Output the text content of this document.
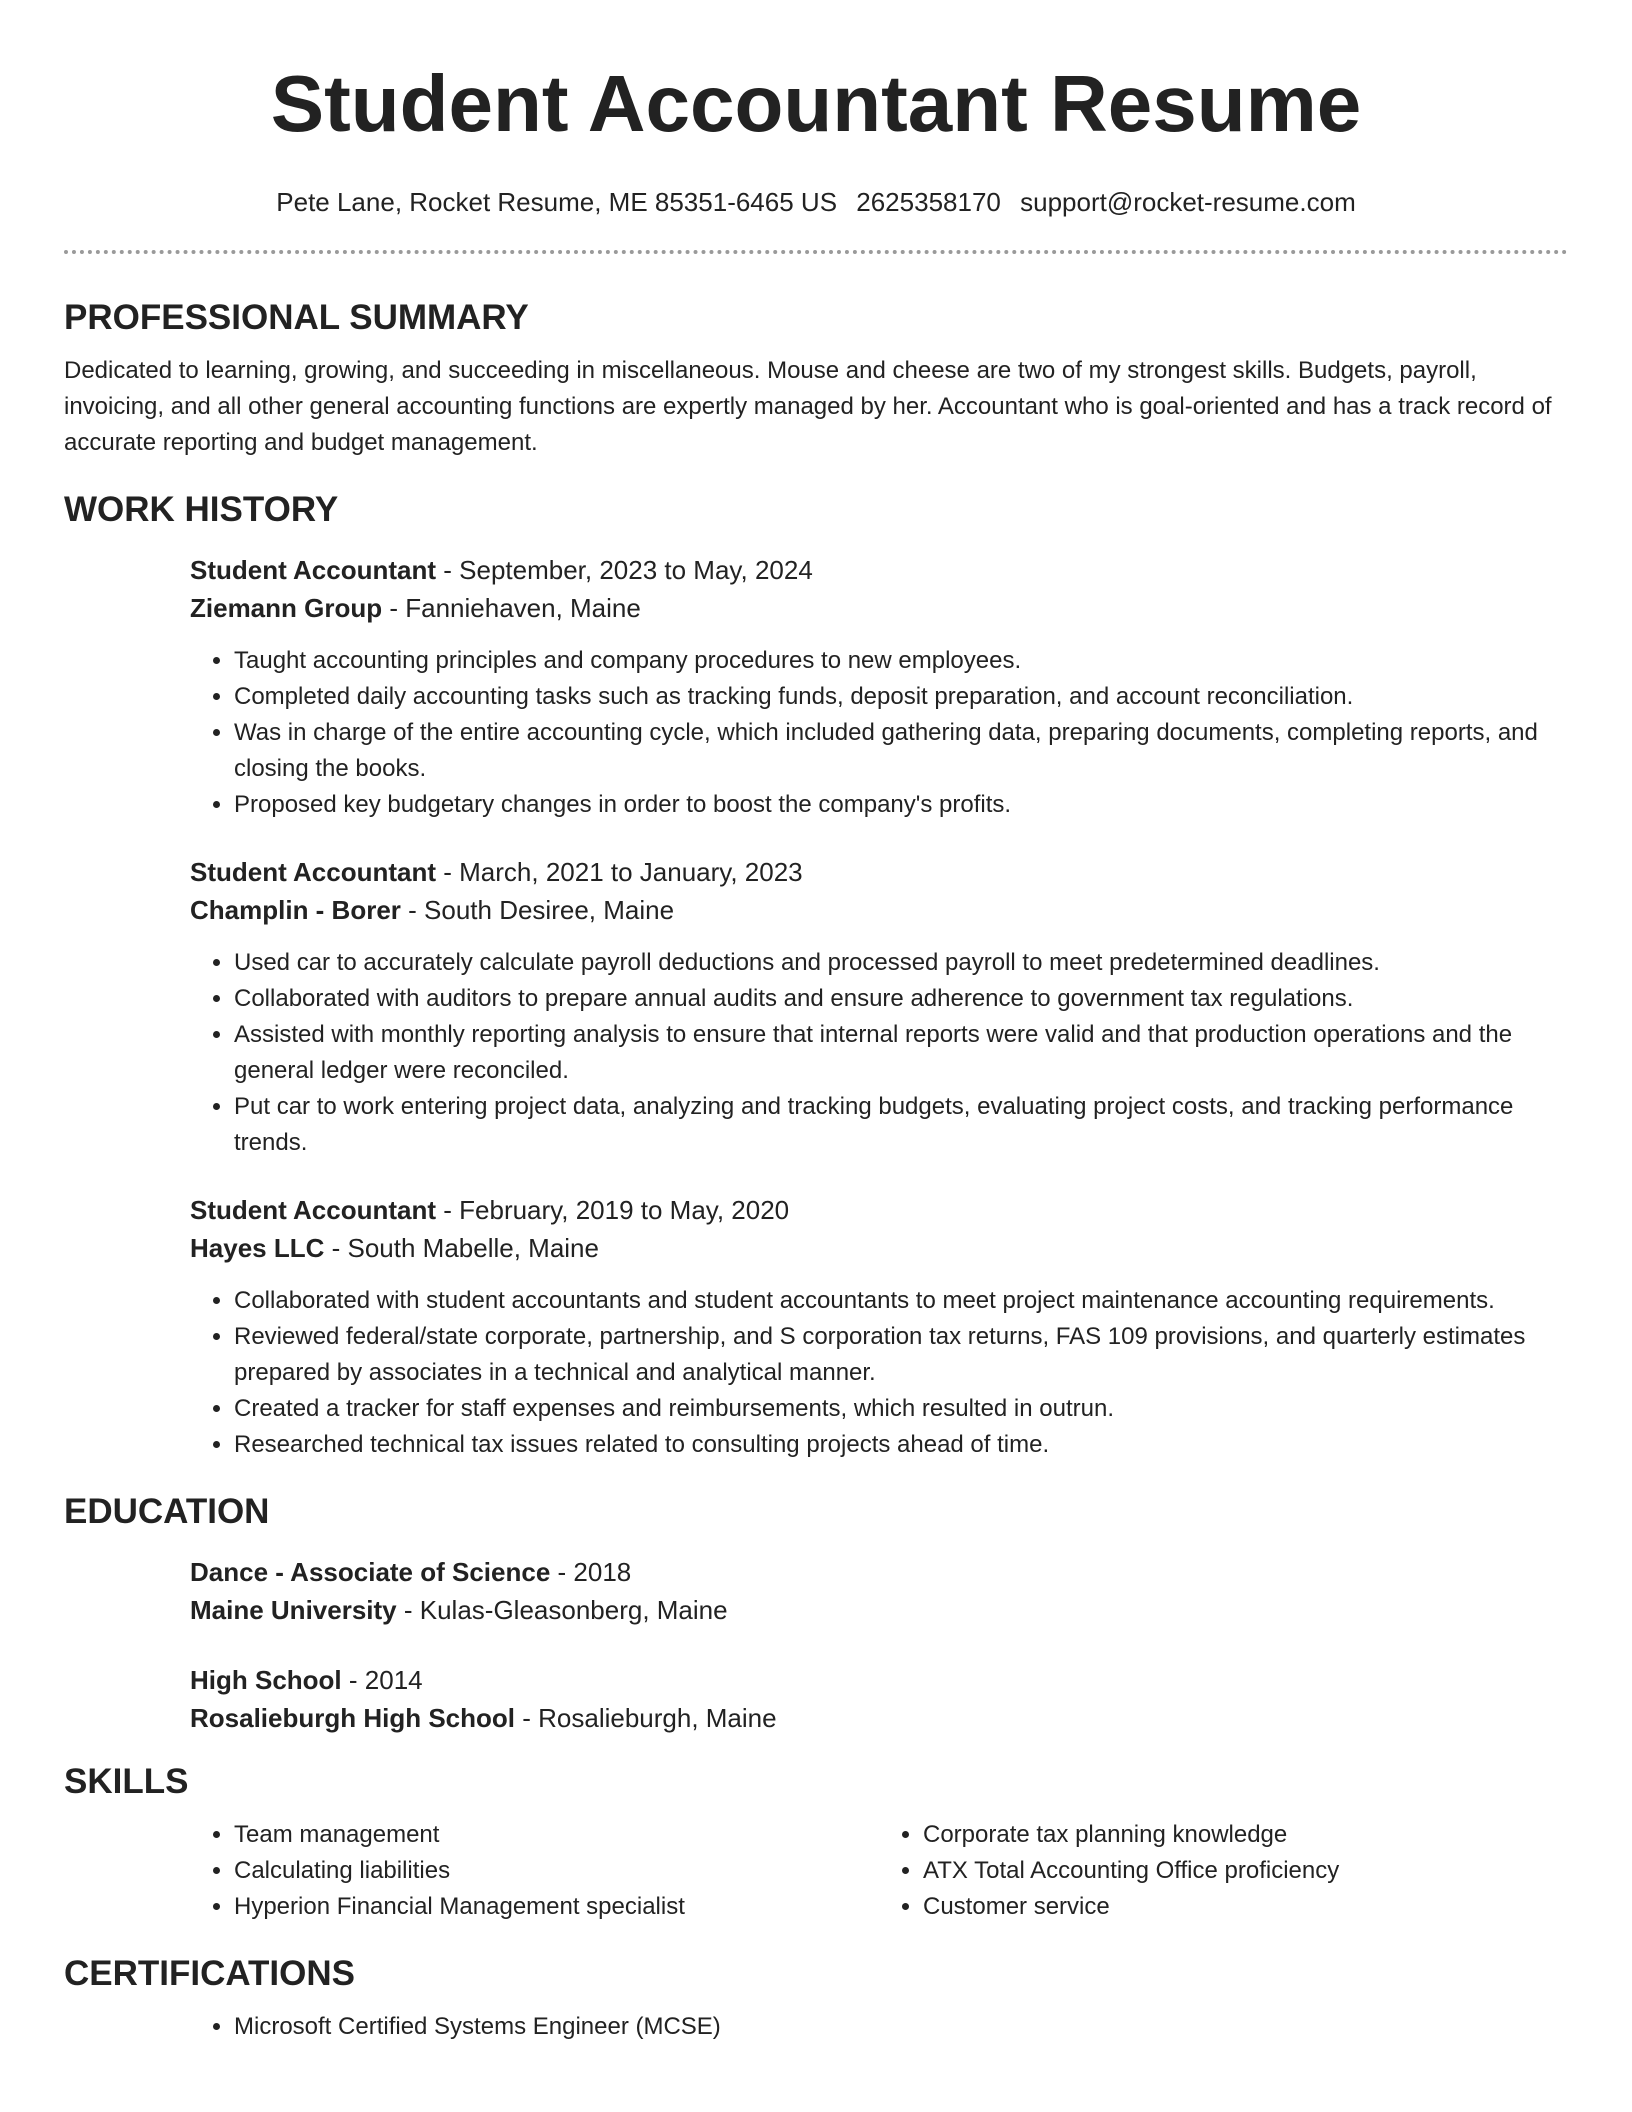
Student Accountant Resume
Pete Lane, Rocket Resume, ME 85351-6465 US 2625358170 support@rocket-resume.com
PROFESSIONAL SUMMARY

Dedicated to learning, growing, and succeeding in miscellaneous. Mouse and cheese are two of my strongest skills. Budgets, payroll, invoicing, and all other general accounting functions are expertly managed by her. Accountant who is goal-oriented and has a track record of accurate reporting and budget management.

WORK HISTORY
Student Accountant - September, 2023 to May, 2024
Ziemann Group - Fanniehaven, Maine
• Taught accounting principles and company procedures to new employees.
• Completed daily accounting tasks such as tracking funds, deposit preparation, and account reconciliation.
• Was in charge of the entire accounting cycle, which included gathering data, preparing documents, completing reports, and closing the books.
• Proposed key budgetary changes in order to boost the company's profits.
Student Accountant - March, 2021 to January, 2023
Champlin - Borer - South Desiree, Maine
• Used car to accurately calculate payroll deductions and processed payroll to meet predetermined deadlines.
• Collaborated with auditors to prepare annual audits and ensure adherence to government tax regulations.
• Assisted with monthly reporting analysis to ensure that internal reports were valid and that production operations and the general ledger were reconciled.
• Put car to work entering project data, analyzing and tracking budgets, evaluating project costs, and tracking performance trends.
Student Accountant - February, 2019 to May, 2020
Hayes LLC - South Mabelle, Maine
• Collaborated with student accountants and student accountants to meet project maintenance accounting requirements.
• Reviewed federal/state corporate, partnership, and S corporation tax returns, FAS 109 provisions, and quarterly estimates prepared by associates in a technical and analytical manner.
• Created a tracker for staff expenses and reimbursements, which resulted in outrun.
• Researched technical tax issues related to consulting projects ahead of time.
EDUCATION
Dance - Associate of Science - 2018
Maine University - Kulas-Gleasonberg, Maine
High School - 2014
Rosalieburgh High School - Rosalieburgh, Maine
SKILLS
• Team management
• Calculating liabilities
• Hyperion Financial Management specialist
• Corporate tax planning knowledge
• ATX Total Accounting Office proficiency
• Customer service
CERTIFICATIONS
• Microsoft Certified Systems Engineer (MCSE)
